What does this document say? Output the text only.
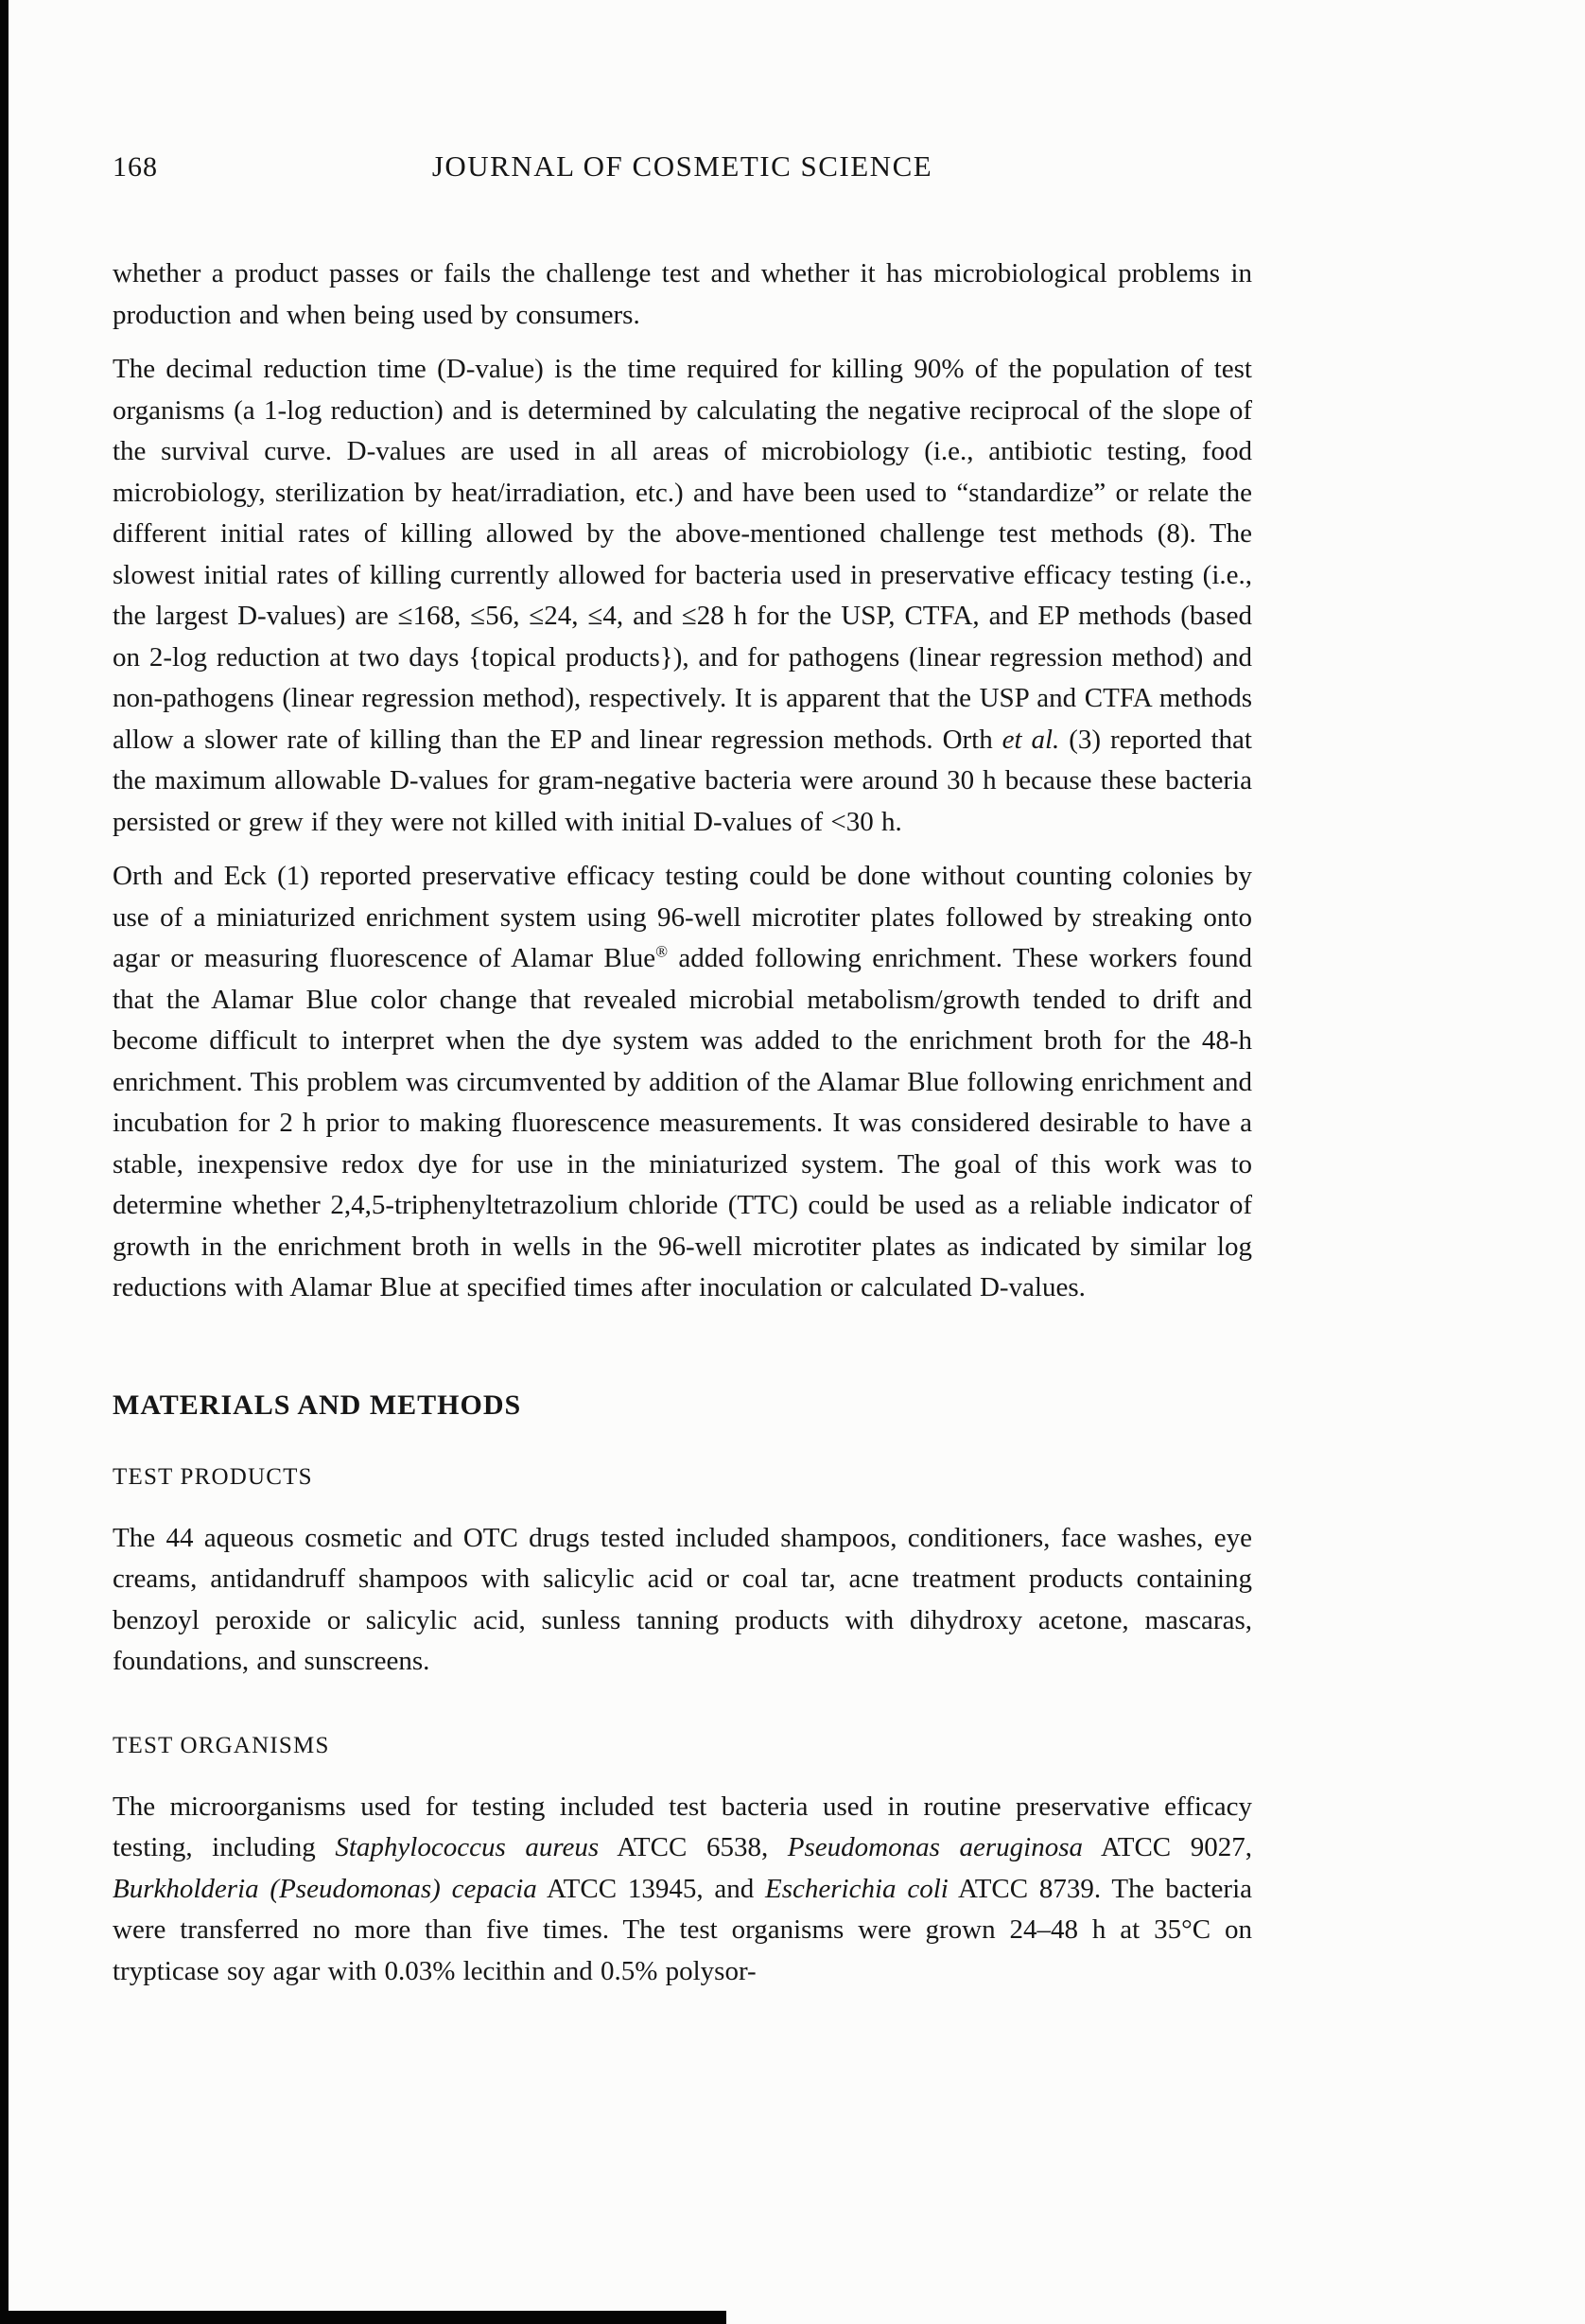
168	JOURNAL OF COSMETIC SCIENCE

whether a product passes or fails the challenge test and whether it has microbiological problems in production and when being used by consumers.

The decimal reduction time (D-value) is the time required for killing 90% of the population of test organisms (a 1-log reduction) and is determined by calculating the negative reciprocal of the slope of the survival curve. D-values are used in all areas of microbiology (i.e., antibiotic testing, food microbiology, sterilization by heat/irradiation, etc.) and have been used to “standardize” or relate the different initial rates of killing allowed by the above-mentioned challenge test methods (8). The slowest initial rates of killing currently allowed for bacteria used in preservative efficacy testing (i.e., the largest D-values) are ≤168, ≤56, ≤24, ≤4, and ≤28 h for the USP, CTFA, and EP methods (based on 2-log reduction at two days {topical products}), and for pathogens (linear regression method) and non-pathogens (linear regression method), respectively. It is apparent that the USP and CTFA methods allow a slower rate of killing than the EP and linear regression methods. Orth et al. (3) reported that the maximum allowable D-values for gram-negative bacteria were around 30 h because these bacteria persisted or grew if they were not killed with initial D-values of <30 h.

Orth and Eck (1) reported preservative efficacy testing could be done without counting colonies by use of a miniaturized enrichment system using 96-well microtiter plates followed by streaking onto agar or measuring fluorescence of Alamar Blue® added following enrichment. These workers found that the Alamar Blue color change that revealed microbial metabolism/growth tended to drift and become difficult to interpret when the dye system was added to the enrichment broth for the 48-h enrichment. This problem was circumvented by addition of the Alamar Blue following enrichment and incubation for 2 h prior to making fluorescence measurements. It was considered desirable to have a stable, inexpensive redox dye for use in the miniaturized system. The goal of this work was to determine whether 2,4,5-triphenyltetrazolium chloride (TTC) could be used as a reliable indicator of growth in the enrichment broth in wells in the 96-well microtiter plates as indicated by similar log reductions with Alamar Blue at specified times after inoculation or calculated D-values.

MATERIALS AND METHODS
TEST PRODUCTS

The 44 aqueous cosmetic and OTC drugs tested included shampoos, conditioners, face washes, eye creams, antidandruff shampoos with salicylic acid or coal tar, acne treatment products containing benzoyl peroxide or salicylic acid, sunless tanning products with dihydroxy acetone, mascaras, foundations, and sunscreens.

TEST ORGANISMS

The microorganisms used for testing included test bacteria used in routine preservative efficacy testing, including Staphylococcus aureus ATCC 6538, Pseudomonas aeruginosa ATCC 9027, Burkholderia (Pseudomonas) cepacia ATCC 13945, and Escherichia coli ATCC 8739. The bacteria were transferred no more than five times. The test organisms were grown 24–48 h at 35°C on trypticase soy agar with 0.03% lecithin and 0.5% polysor-
